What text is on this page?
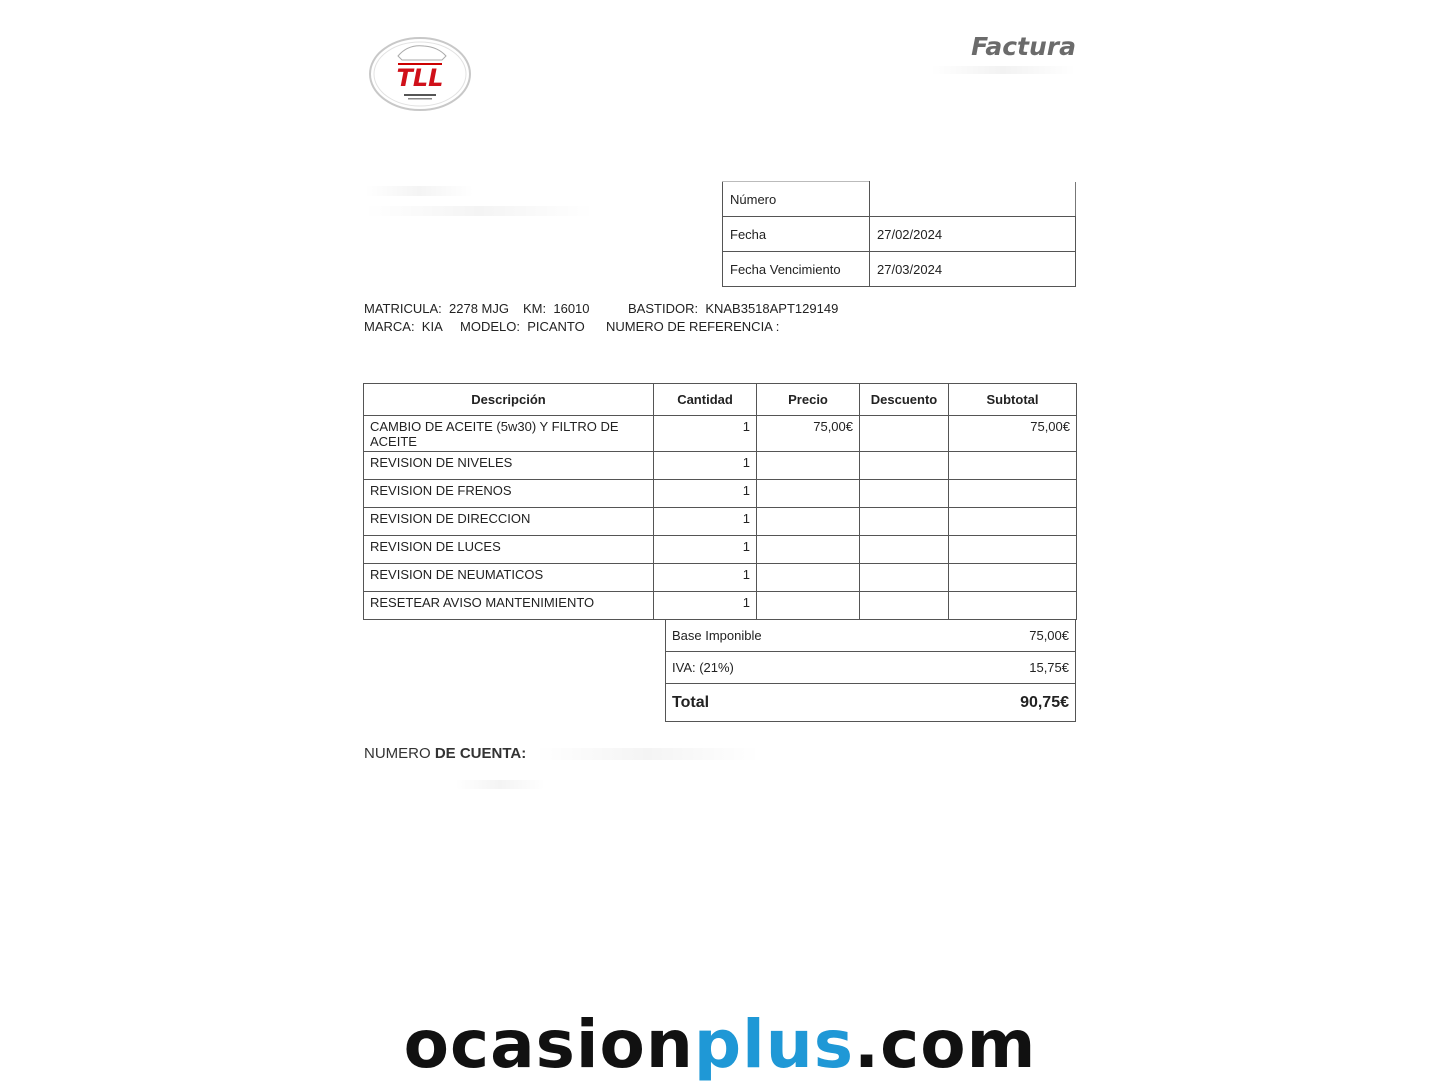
TLL
Factura
Número	
Fecha	27/02/2024
Fecha Vencimiento	27/03/2024
MATRICULA: 2278 MJG KM: 16010	BASTIDOR: KNAB3518APT129149
MARCA: KIA MODELO: PICANTO NUMERO DE REFERENCIA :
Descripción	Cantidad	Precio	Descuento	Subtotal
CAMBIO DE ACEITE (5w30) Y FILTRO DE ACEITE	1	75,00€		75,00€
REVISION DE NIVELES	1			
REVISION DE FRENOS	1			
REVISION DE DIRECCION	1			
REVISION DE LUCES	1			
REVISION DE NEUMATICOS	1			
RESETEAR AVISO MANTENIMIENTO	1			
Base Imponible	75,00€
IVA: (21%)	15,75€
Total	90,75€
NUMERO DE CUENTA:
ocasionplus.com
